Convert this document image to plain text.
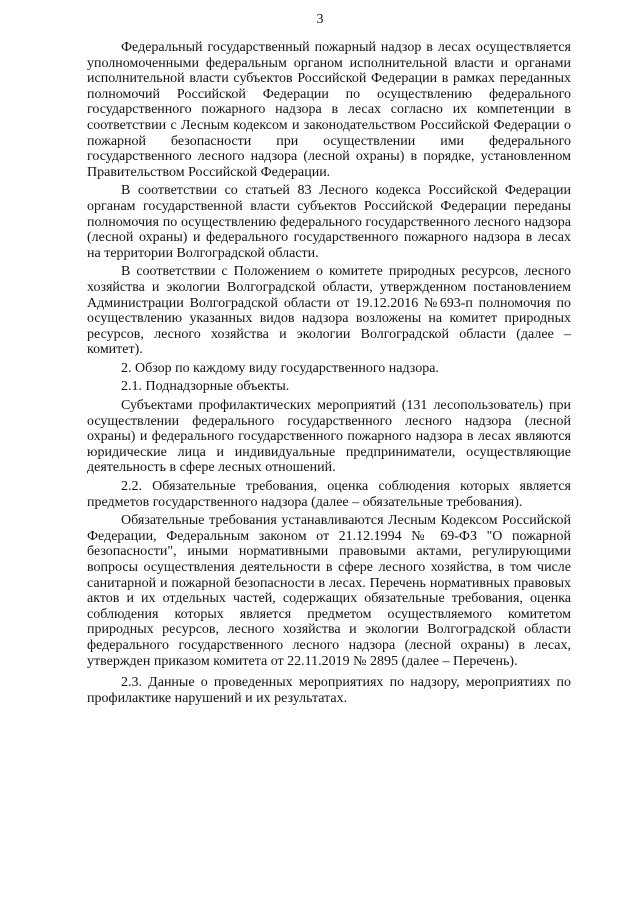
3

Федеральный государственный пожарный надзор в лесах осуществляется уполномоченными федеральным органом исполнительной власти и органами исполнительной власти субъектов Российской Федерации в рамках переданных полномочий Российской Федерации по осуществлению федерального государственного пожарного надзора в лесах согласно их компетенции в соответствии с Лесным кодексом и законодательством Российской Федерации о пожарной безопасности при осуществлении ими федерального государственного лесного надзора (лесной охраны) в порядке, установленном Правительством Российской Федерации.

В соответствии со статьей 83 Лесного кодекса Российской Федерации органам государственной власти субъектов Российской Федерации переданы полномочия по осуществлению федерального государственного лесного надзора (лесной охраны) и федерального государственного пожарного надзора в лесах на территории Волгоградской области.

В соответствии с Положением о комитете природных ресурсов, лесного хозяйства и экологии Волгоградской области, утвержденном постановлением Администрации Волгоградской области от 19.12.2016 №693-п полномочия по осуществлению указанных видов надзора возложены на комитет природных ресурсов, лесного хозяйства и экологии Волгоградской области (далее – комитет).

2. Обзор по каждому виду государственного надзора.

2.1. Поднадзорные объекты.

Субъектами профилактических мероприятий (131 лесопользователь) при осуществлении федерального государственного лесного надзора (лесной охраны) и федерального государственного пожарного надзора в лесах являются юридические лица и индивидуальные предприниматели, осуществляющие деятельность в сфере лесных отношений.

2.2. Обязательные требования, оценка соблюдения которых является предметов государственного надзора (далее – обязательные требования).

Обязательные требования устанавливаются Лесным Кодексом Российской Федерации, Федеральным законом от 21.12.1994 № 69-ФЗ "О пожарной безопасности", иными нормативными правовыми актами, регулирующими вопросы осуществления деятельности в сфере лесного хозяйства, в том числе санитарной и пожарной безопасности в лесах. Перечень нормативных правовых актов и их отдельных частей, содержащих обязательные требования, оценка соблюдения которых является предметом осуществляемого комитетом природных ресурсов, лесного хозяйства и экологии Волгоградской области федерального государственного лесного надзора (лесной охраны) в лесах, утвержден приказом комитета от 22.11.2019 № 2895 (далее – Перечень).

2.3. Данные о проведенных мероприятиях по надзору, мероприятиях по профилактике нарушений и их результатах.
